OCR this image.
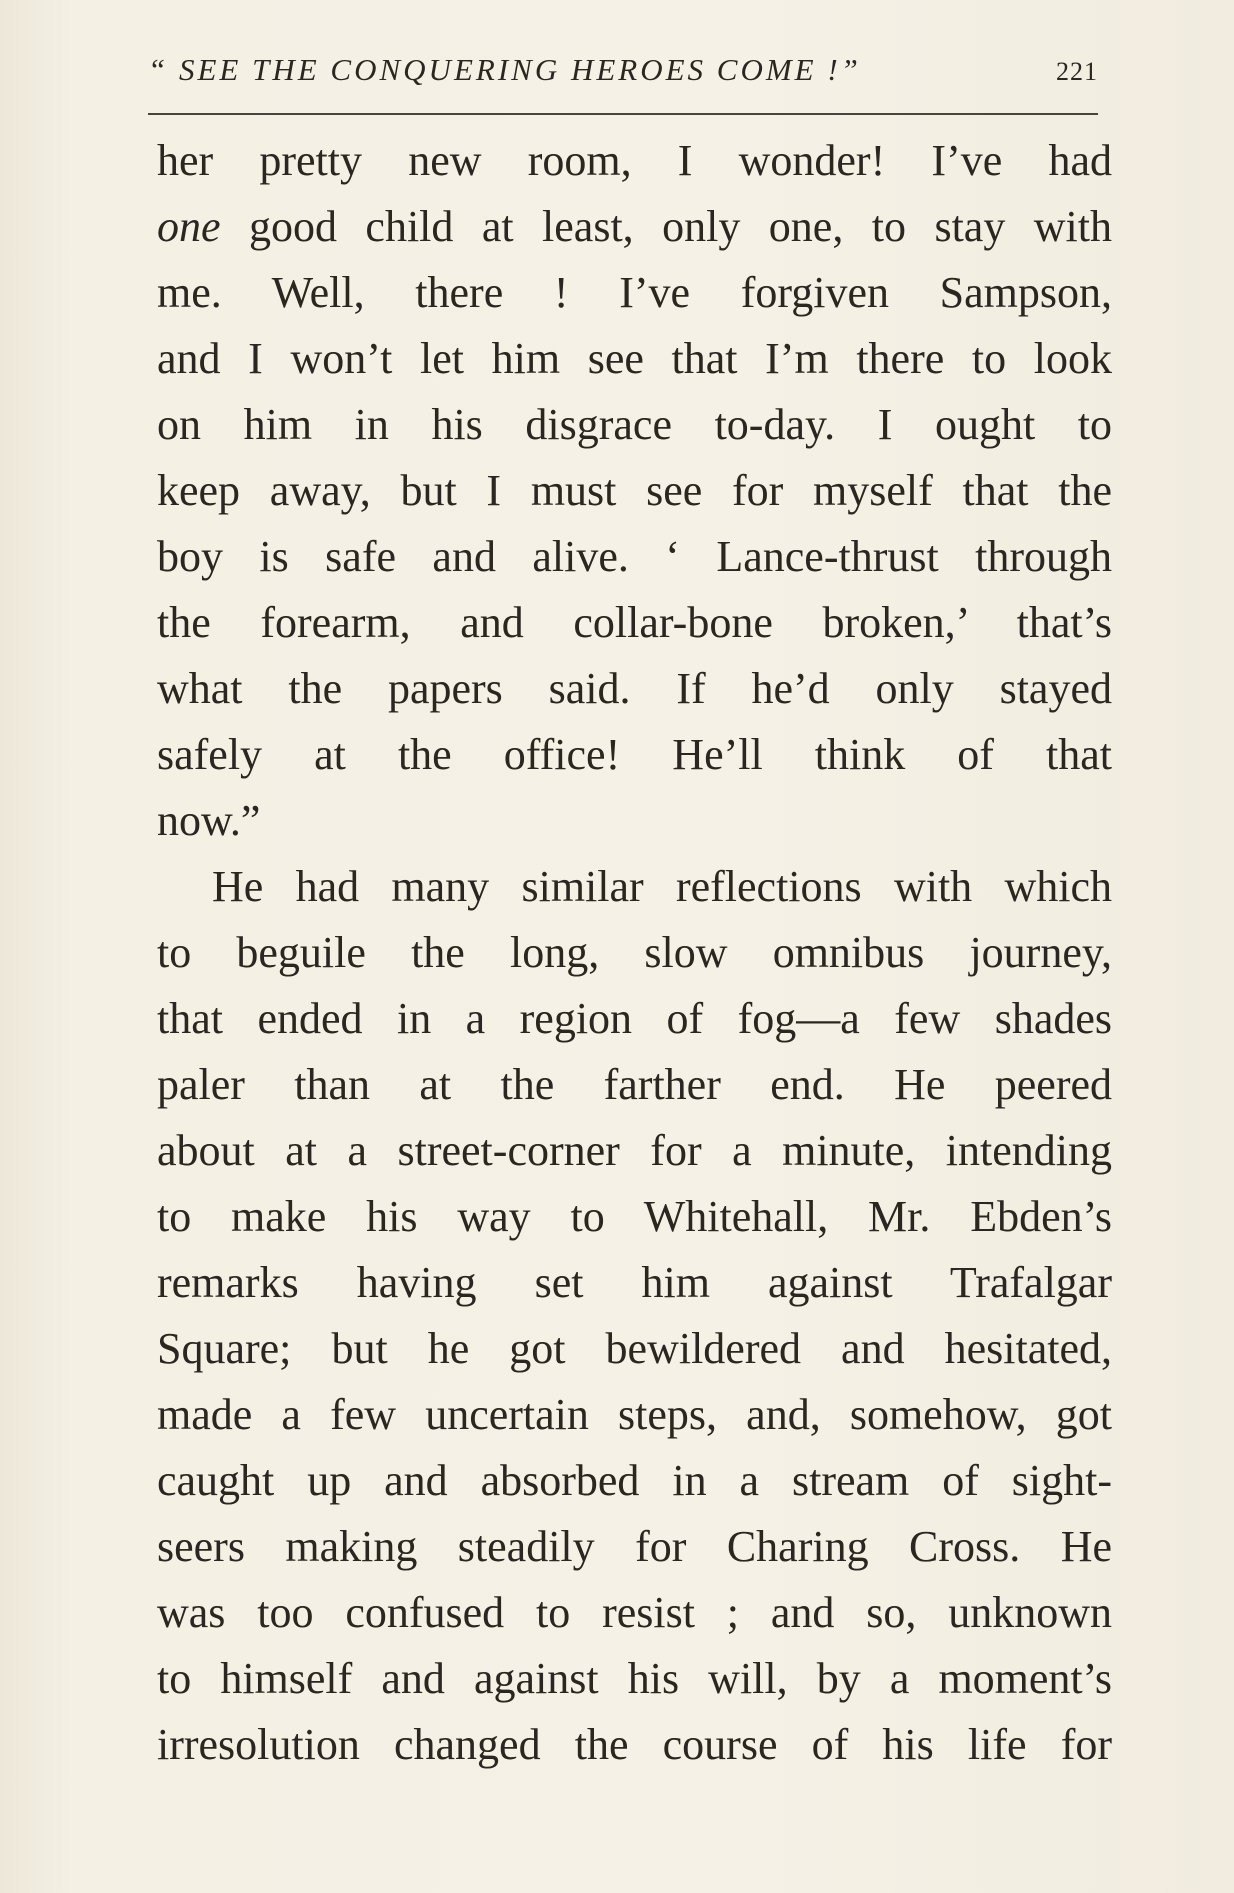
“ SEE THE CONQUERING HEROES COME !”	221
her pretty new room, I wonder! I’ve had
one good child at least, only one, to stay with
me. Well, there ! I’ve forgiven Sampson,
and I won’t let him see that I’m there to look
on him in his disgrace to-day. I ought to
keep away, but I must see for myself that the
boy is safe and alive. ‘ Lance-thrust through
the forearm, and collar-bone broken,’ that’s
what the papers said. If he’d only stayed
safely at the office! He’ll think of that
now.”
He had many similar reflections with which
to beguile the long, slow omnibus journey,
that ended in a region of fog—a few shades
paler than at the farther end. He peered
about at a street-corner for a minute, intending
to make his way to Whitehall, Mr. Ebden’s
remarks having set him against Trafalgar
Square; but he got bewildered and hesitated,
made a few uncertain steps, and, somehow, got
caught up and absorbed in a stream of sight-
seers making steadily for Charing Cross. He
was too confused to resist ; and so, unknown
to himself and against his will, by a moment’s
irresolution changed the course of his life for
